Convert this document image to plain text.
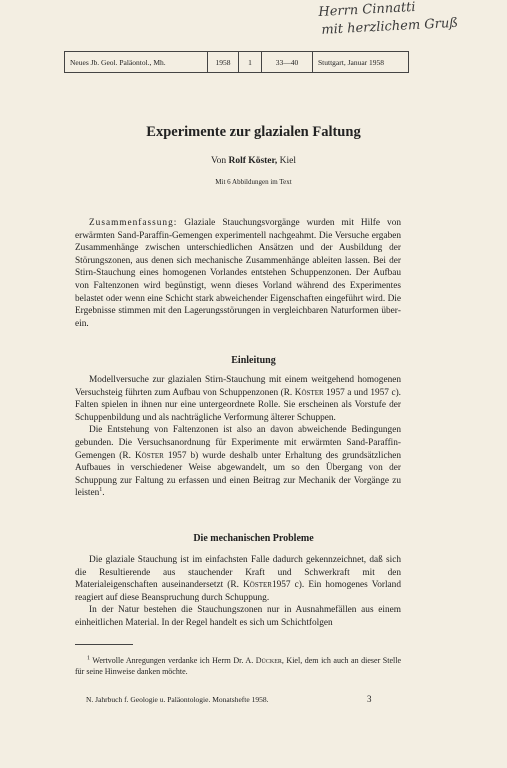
Herrn Cinnatti
mit herzlichem Gruß
Neues Jb. Geol. Paläontol., Mh.	1958	1	33—40	Stuttgart, Januar 1958
Experimente zur glazialen Faltung
Von Rolf Köster, Kiel
Mit 6 Abbildungen im Text

Zusammenfassung: Glaziale Stauchungsvorgänge wurden mit Hilfe von erwärmten Sand-Paraffin-Gemengen experimentell nachgeahmt. Die Versuche ergaben Zusammenhänge zwischen unterschiedlichen Ansätzen und der Ausbildung der Störungszonen, aus denen sich mechanische Zusammenhänge ableiten lassen. Bei der Stirn-Stauchung eines homogenen Vorlandes entstehen Schuppenzonen. Der Aufbau von Faltenzonen wird begünstigt, wenn dieses Vorland während des Experimentes belastet oder wenn eine Schicht stark abweichender Eigenschaften eingeführt wird. Die Ergebnisse stimmen mit den Lagerungsstörungen in vergleichbaren Naturformen überein.

Einleitung

Modellversuche zur glazialen Stirn-Stauchung mit einem weitgehend homogenen Versuchsteig führten zum Aufbau von Schuppenzonen (R. Köster 1957 a und 1957 c). Falten spielen in ihnen nur eine untergeordnete Rolle. Sie erscheinen als Vorstufe der Schuppenbildung und als nachträgliche Verformung älterer Schuppen.

Die Entstehung von Faltenzonen ist also an davon abweichende Bedingungen gebunden. Die Versuchsanordnung für Experimente mit erwärmten Sand-Paraffin-Gemengen (R. Köster 1957 b) wurde deshalb unter Erhaltung des grundsätzlichen Aufbaues in verschiedener Weise abgewandelt, um so den Übergang von der Schuppung zur Faltung zu erfassen und einen Beitrag zur Mechanik der Vorgänge zu leisten$^1$.

Die mechanischen Probleme

Die glaziale Stauchung ist im einfachsten Falle dadurch gekennzeichnet, daß sich die Resultierende aus stauchender Kraft und Schwerkraft mit den Materialeigenschaften auseinandersetzt (R. Köster1957 c). Ein homogenes Vorland reagiert auf diese Beanspruchung durch Schuppung.

In der Natur bestehen die Stauchungszonen nur in Ausnahmefällen aus einem einheitlichen Material. In der Regel handelt es sich um Schichtfolgen

$^1$ Wertvolle Anregungen verdanke ich Herrn Dr. A. Dücker, Kiel, dem ich auch an dieser Stelle für seine Hinweise danken möchte.

N. Jahrbuch f. Geologie u. Paläontologie. Monatshefte 1958.	3
